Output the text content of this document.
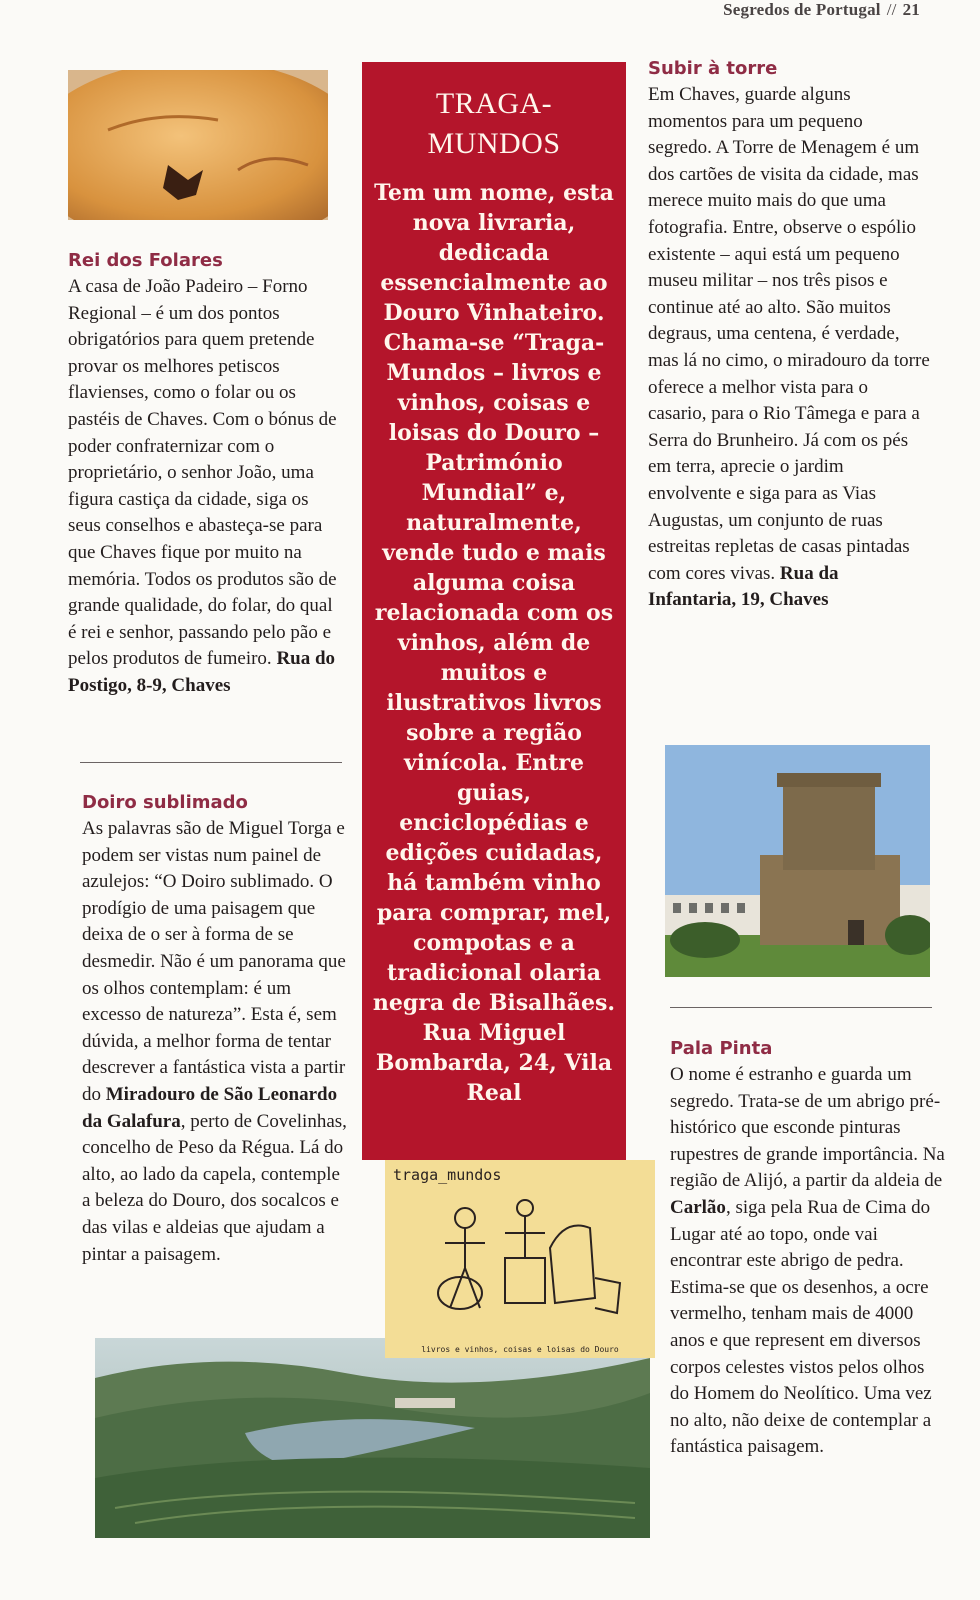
Segredos de Portugal // 21
Rei dos Folares

A casa de João Padeiro – Forno Regional – é um dos pontos obrigatórios para quem pretende provar os melhores petiscos flavienses, como o folar ou os pastéis de Chaves. Com o bónus de poder confraternizar com o proprietário, o senhor João, uma figura castiça da cidade, siga os seus conselhos e abasteça-se para que Chaves fique por muito na memória. Todos os produtos são de grande qualidade, do folar, do qual é rei e senhor, passando pelo pão e pelos produtos de fumeiro. Rua do Postigo, 8-9, Chaves

Doiro sublimado

As palavras são de Miguel Torga e podem ser vistas num painel de azulejos: “O Doiro sublimado. O prodígio de uma paisagem que deixa de o ser à forma de se desmedir. Não é um panorama que os olhos contemplam: é um excesso de natureza”. Esta é, sem dúvida, a melhor forma de tentar descrever a fantástica vista a partir do Miradouro de São Leonardo da Galafura, perto de Covelinhas, concelho de Peso da Régua. Lá do alto, ao lado da capela, contemple a beleza do Douro, dos socalcos e das vilas e aldeias que ajudam a pintar a paisagem.

TRAGA-
MUNDOS
Tem um nome, esta nova livraria, dedicada essencialmente ao Douro Vinhateiro. Chama-se “Traga-Mundos – livros e vinhos, coisas e loisas do Douro – Património Mundial” e, naturalmente, vende tudo e mais alguma coisa relacionada com os vinhos, além de muitos e ilustrativos livros sobre a região vinícola. Entre guias, enciclopédias e edições cuidadas, há também vinho para comprar, mel, compotas e a tradicional olaria negra de Bisalhães. Rua Miguel Bombarda, 24, Vila Real
traga_mundos
livros e vinhos, coisas e loisas do Douro
Subir à torre

Em Chaves, guarde alguns momentos para um pequeno segredo. A Torre de Menagem é um dos cartões de visita da cidade, mas merece muito mais do que uma fotografia. Entre, observe o espólio existente – aqui está um pequeno museu militar – nos três pisos e continue até ao alto. São muitos degraus, uma centena, é verdade, mas lá no cimo, o miradouro da torre oferece a melhor vista para o casario, para o Rio Tâmega e para a Serra do Brunheiro. Já com os pés em terra, aprecie o jardim envolvente e siga para as Vias Augustas, um conjunto de ruas estreitas repletas de casas pintadas com cores vivas. Rua da Infantaria, 19, Chaves

Pala Pinta

O nome é estranho e guarda um segredo. Trata-se de um abrigo pré-histórico que esconde pinturas rupestres de grande importância. Na região de Alijó, a partir da aldeia de Carlão, siga pela Rua de Cima do Lugar até ao topo, onde vai encontrar este abrigo de pedra. Estima-se que os desenhos, a ocre vermelho, tenham mais de 4000 anos e que represent em diversos corpos celestes vistos pelos olhos do Homem do Neolítico. Uma vez no alto, não deixe de contemplar a fantástica paisagem.
